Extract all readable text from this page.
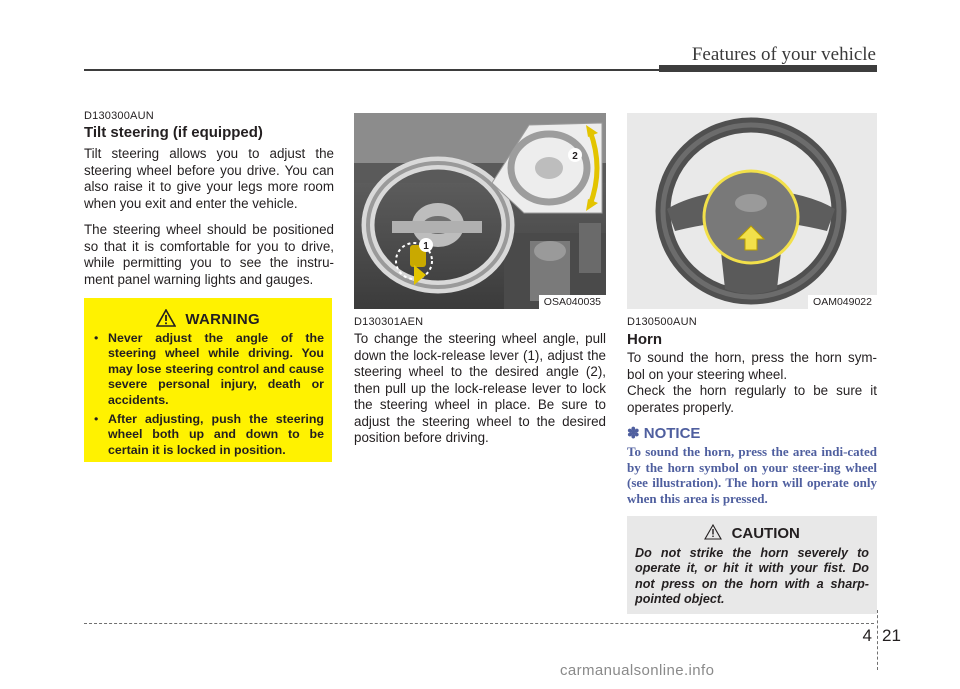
Features of your vehicle
D130300AUN
Tilt steering (if equipped)
Tilt steering allows you to adjust the steering wheel before you drive. You can also raise it to give your legs more room when you exit and enter the vehicle.
The steering wheel should be positioned so that it is comfortable for you to drive, while permitting you to see the instru-ment panel warning lights and gauges.
WARNING
• Never adjust the angle of the steering wheel while driving. You may lose steering control and cause severe personal injury, death or accidents.
• After adjusting, push the steering wheel both up and down to be certain it is locked in position.
1
2
OSA040035
D130301AEN
To change the steering wheel angle, pull down the lock-release lever (1), adjust the steering wheel to the desired angle (2), then pull up the lock-release lever to lock the steering wheel in place. Be sure to adjust the steering wheel to the desired position before driving.
OAM049022
D130500AUN
Horn
To sound the horn, press the horn sym-bol on your steering wheel.
Check the horn regularly to be sure it operates properly.
✽ NOTICE
To sound the horn, press the area indi-cated by the horn symbol on your steer-ing wheel (see illustration). The horn will operate only when this area is pressed.
CAUTION
Do not strike the horn severely to operate it, or hit it with your fist. Do not press on the horn with a sharp-pointed object.
4 21
carmanualsonline.info
